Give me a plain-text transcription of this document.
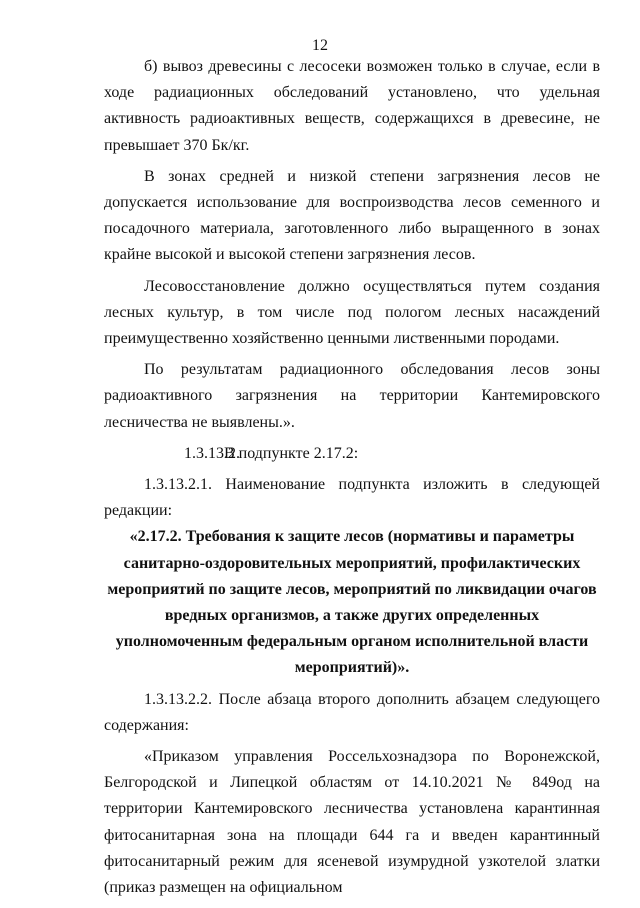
12

б) вывоз древесины с лесосеки возможен только в случае, если в ходе радиационных обследований установлено, что удельная активность радиоактивных веществ, содержащихся в древесине, не превышает 370 Бк/кг.

В зонах средней и низкой степени загрязнения лесов не допускается использование для воспроизводства лесов семенного и посадочного материала, заготовленного либо выращенного в зонах крайне высокой и высокой степени загрязнения лесов.

Лесовосстановление должно осуществляться путем создания лесных культур, в том числе под пологом лесных насаждений преимущественно хозяйственно ценными лиственными породами.

По результатам радиационного обследования лесов зоны радиоактивного загрязнения на территории Кантемировского лесничества не выявлены.».

1.3.13.2.В подпункте 2.17.2:

1.3.13.2.1. Наименование подпункта изложить в следующей редакции:

«2.17.2. Требования к защите лесов (нормативы и параметры санитарно-оздоровительных мероприятий, профилактических мероприятий по защите лесов, мероприятий по ликвидации очагов вредных организмов, а также других определенных уполномоченным федеральным органом исполнительной власти мероприятий)».

1.3.13.2.2. После абзаца второго дополнить абзацем следующего содержания:

«Приказом управления Россельхознадзора по Воронежской, Белгородской и Липецкой областям от 14.10.2021 № 849од на территории Кантемировского лесничества установлена карантинная фитосанитарная зона на площади 644 га и введен карантинный фитосанитарный режим для ясеневой изумрудной узкотелой златки (приказ размещен на официальном
